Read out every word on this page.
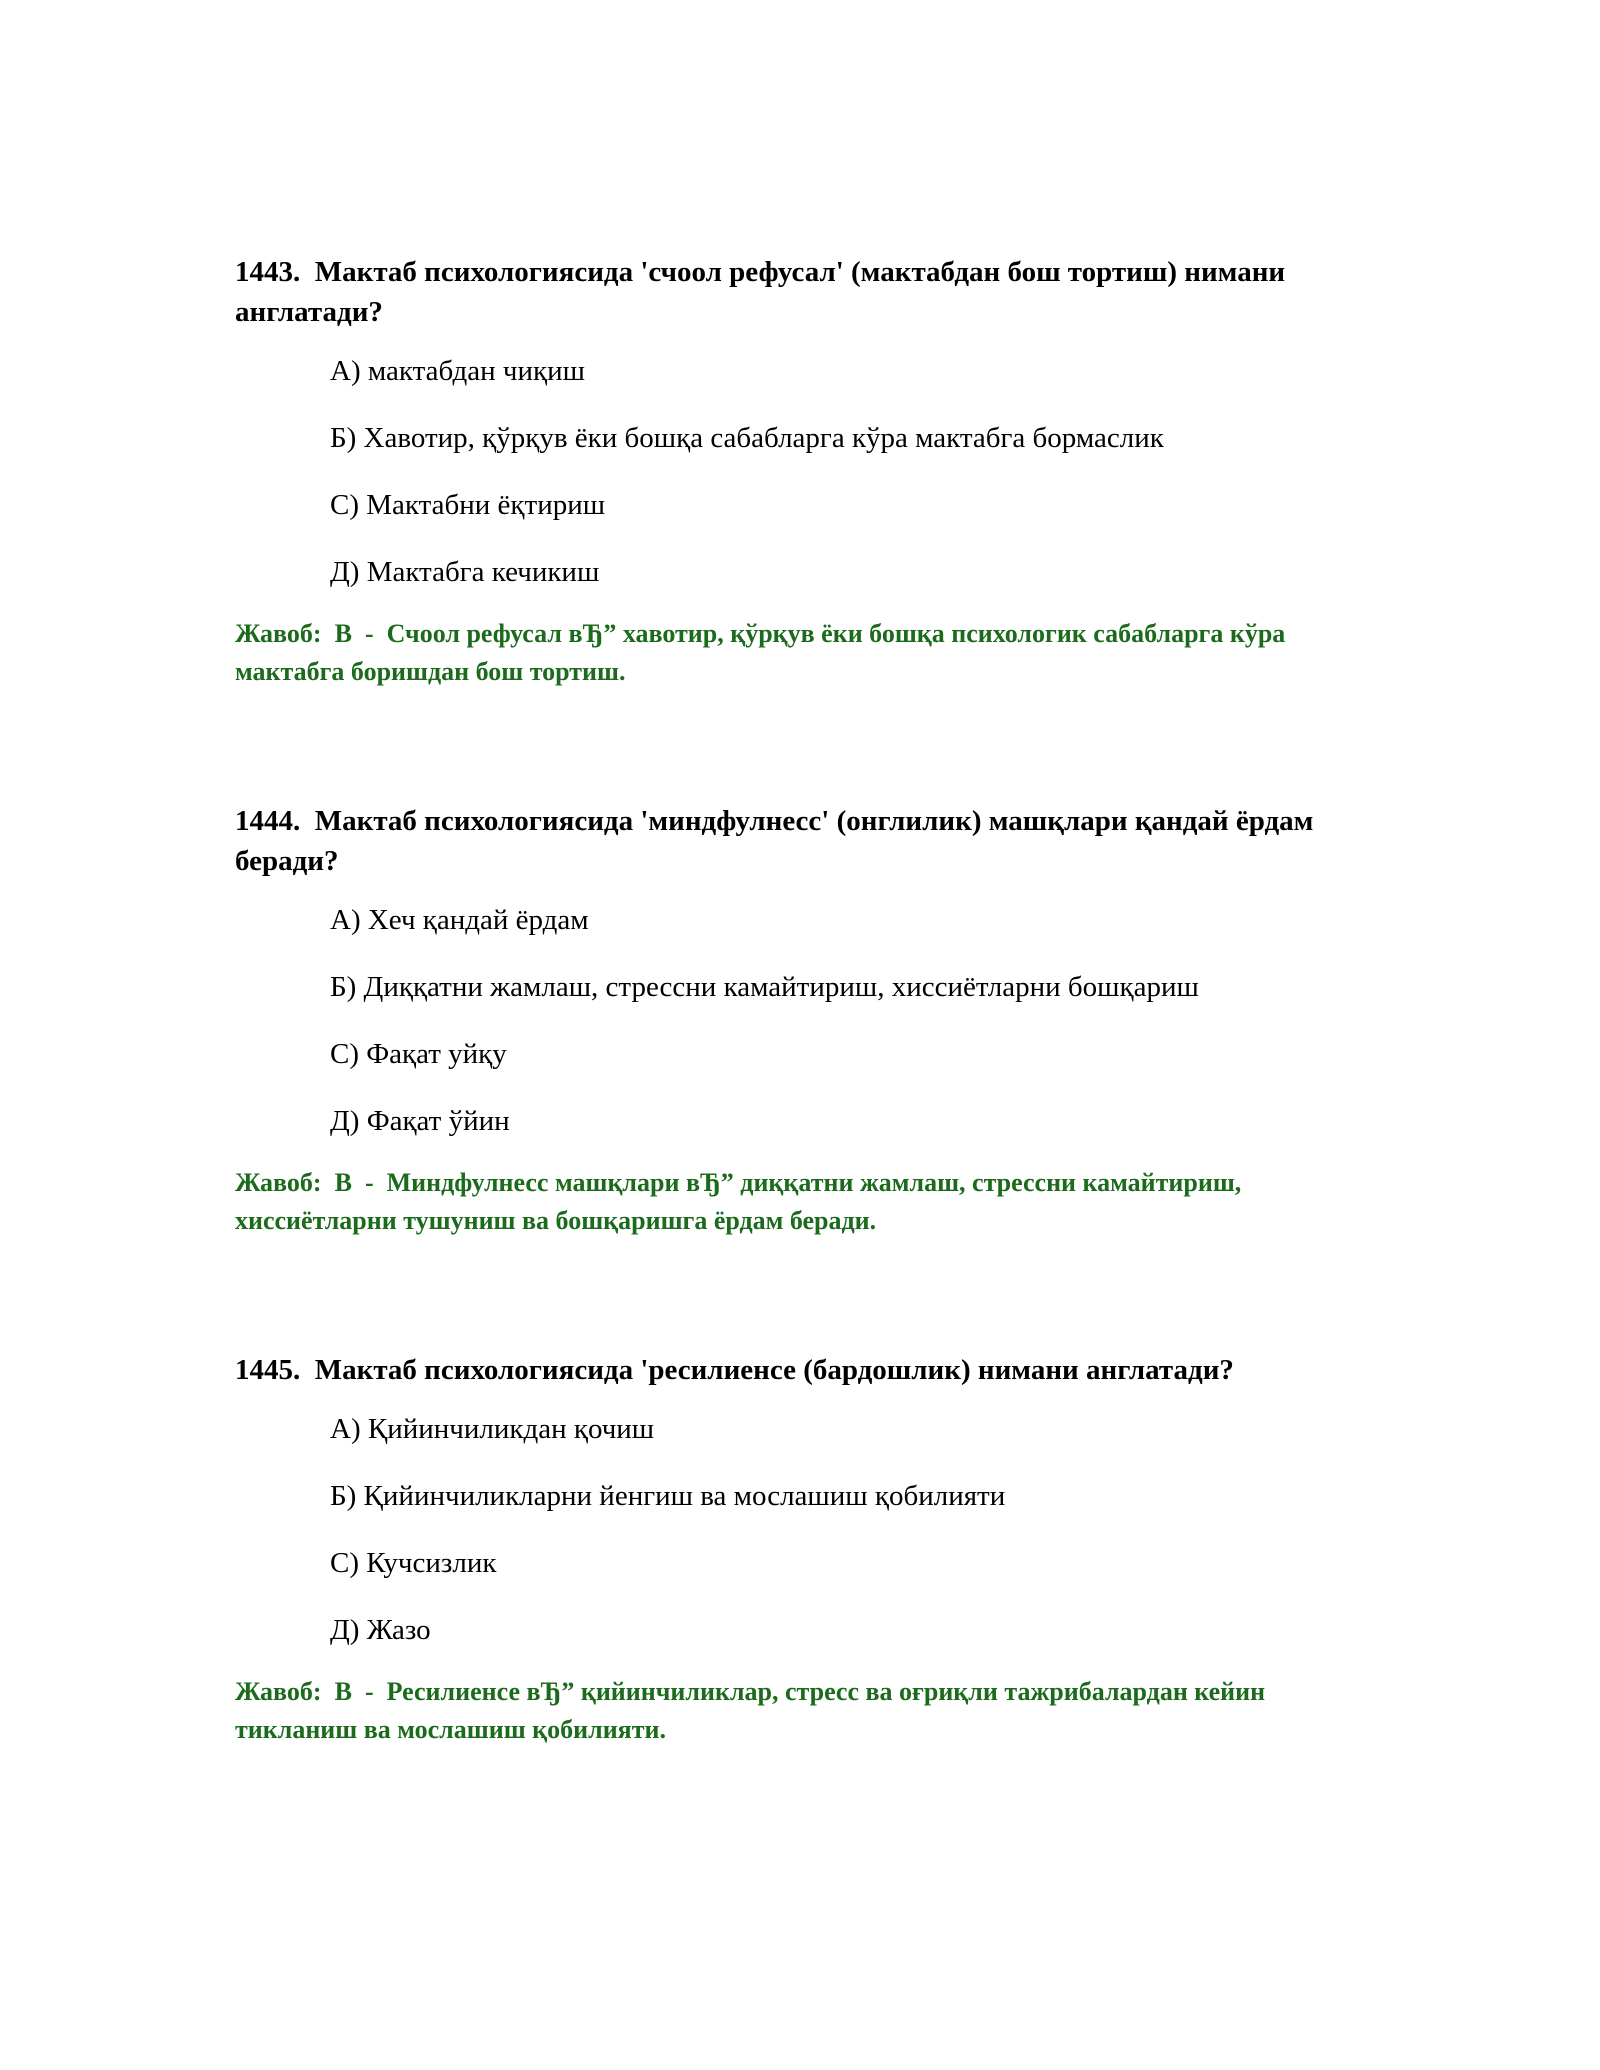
1443. Мактаб психологиясида 'счоол рефусал' (мактабдан бош тортиш) нимани англатади?

А) мактабдан чиқиш
Б) Хавотир, қўрқув ёки бошқа сабабларга кўра мактабга бормаслик
С) Мактабни ёқтириш
Д) Мактабга кечикиш

Жавоб: B  -  Счоол рефусал вЂ” хавотир, қўрқув ёки бошқа психологик сабабларга кўра мактабга боришдан бош тортиш.

1444. Мактаб психологиясида 'миндфулнесс' (онглилик) машқлари қандай ёрдам беради?

А) Хеч қандай ёрдам
Б) Диққатни жамлаш, стрессни камайтириш, хиссиётларни бошқариш
С) Фақат уйқу
Д) Фақат ўйин

Жавоб: B  -  Миндфулнесс машқлари вЂ” диққатни жамлаш, стрессни камайтириш, хиссиётларни тушуниш ва бошқаришга ёрдам беради.

1445. Мактаб психологиясида 'ресилиенсе (бардошлик) нимани англатади?

А) Қийинчиликдан қочиш
Б) Қийинчиликларни йенгиш ва мослашиш қобилияти
С) Кучсизлик
Д) Жазо

Жавоб: B  -  Ресилиенсе вЂ” қийинчиликлар, стресс ва оғриқли тажрибалардан кейин тикланиш ва мослашиш қобилияти.
